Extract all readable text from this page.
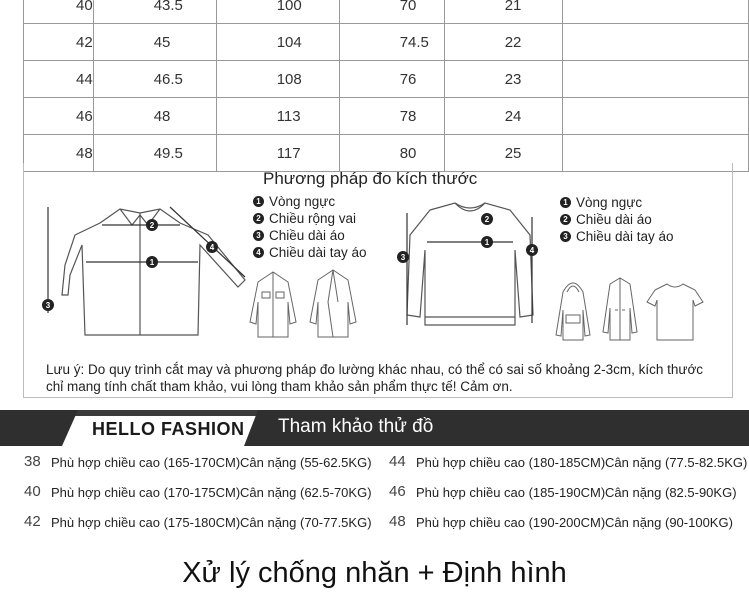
40	43.5	100	70	21	
42	45	104	74.5	22	
44	46.5	108	76	23	
46	48	113	78	24	
48	49.5	117	80	25	
Phương pháp đo kích thước
1
2
3
4
1 Vòng ngực
2 Chiều rộng vai
3 Chiều dài áo
4 Chiều dài tay áo
1
2
3
4
1 Vòng ngực
2 Chiều dài áo
3 Chiều dài tay áo
Lưu ý: Do quy trình cắt may và phương pháp đo lường khác nhau, có thể có sai số khoảng 2-3cm, kích thước chỉ mang tính chất tham khảo, vui lòng tham khảo sản phẩm thực tế! Cảm ơn.
HELLO FASHION Tham khảo thử đồ
38 Phù hợp chiều cao (165-170CM) Cân nặng (55-62.5KG)
40 Phù hợp chiều cao (170-175CM) Cân nặng (62.5-70KG)
42 Phù hợp chiều cao (175-180CM) Cân nặng (70-77.5KG)
44 Phù hợp chiều cao (180-185CM) Cân nặng (77.5-82.5KG)
46 Phù hợp chiều cao (185-190CM) Cân nặng (82.5-90KG)
48 Phù hợp chiều cao (190-200CM) Cân nặng (90-100KG)
Xử lý chống nhăn + Định hình
